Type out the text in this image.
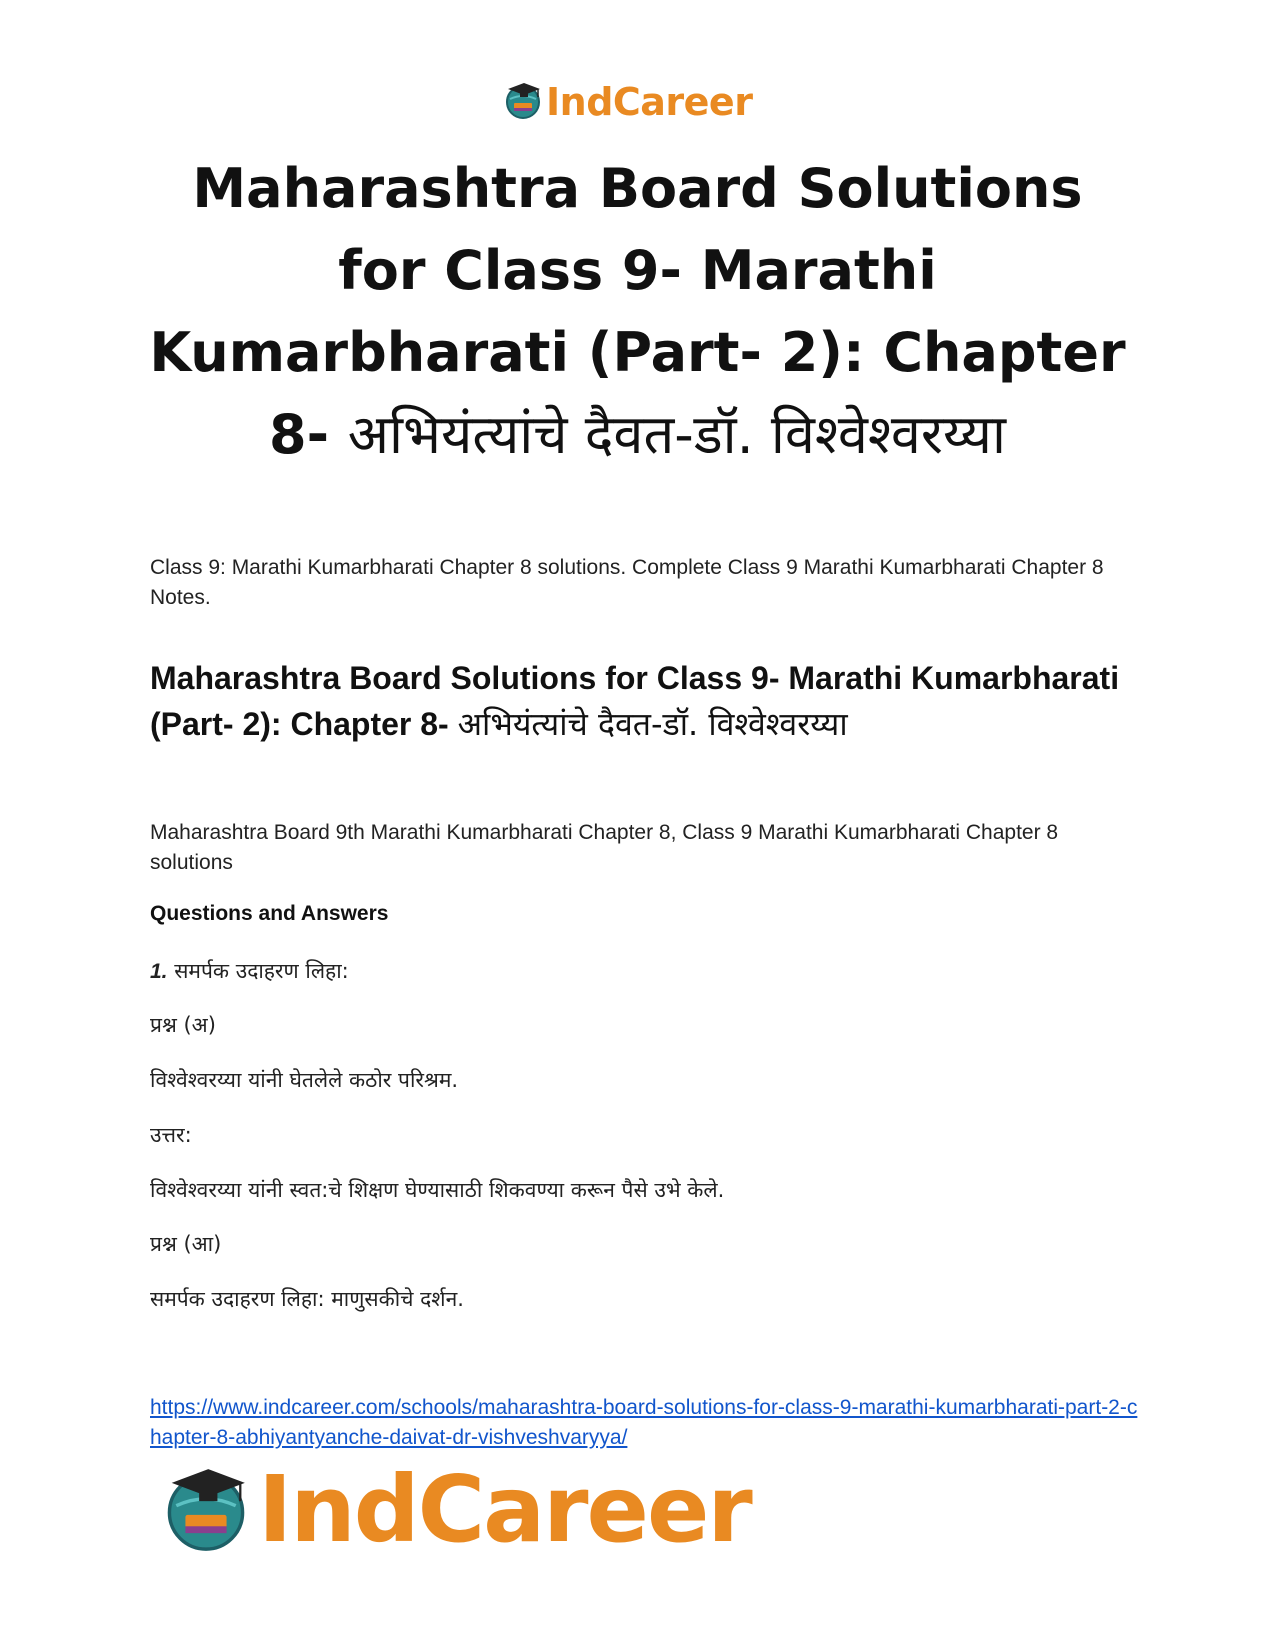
IndCareer
Maharashtra Board Solutions for Class 9- Marathi Kumarbharati (Part- 2): Chapter 8- अभियंत्यांचे दैवत-डॉ. विश्वेश्वरय्या

Class 9: Marathi Kumarbharati Chapter 8 solutions. Complete Class 9 Marathi Kumarbharati Chapter 8 Notes.

Maharashtra Board Solutions for Class 9- Marathi Kumarbharati (Part- 2): Chapter 8- अभियंत्यांचे दैवत-डॉ. विश्वेश्वरय्या

Maharashtra Board 9th Marathi Kumarbharati Chapter 8, Class 9 Marathi Kumarbharati Chapter 8 solutions

Questions and Answers

1. समर्पक उदाहरण लिहा:

प्रश्न (अ)

विश्वेश्वरय्या यांनी घेतलेले कठोर परिश्रम.

उत्तर:

विश्वेश्वरय्या यांनी स्वत:चे शिक्षण घेण्यासाठी शिकवण्या करून पैसे उभे केले.

प्रश्न (आ)

समर्पक उदाहरण लिहा: माणुसकीचे दर्शन.

https://www.indcareer.com/schools/maharashtra-board-solutions-for-class-9-marathi-kumarbharati-part-2-chapter-8-abhiyantyanche-daivat-dr-vishveshvaryya/
IndCareer
